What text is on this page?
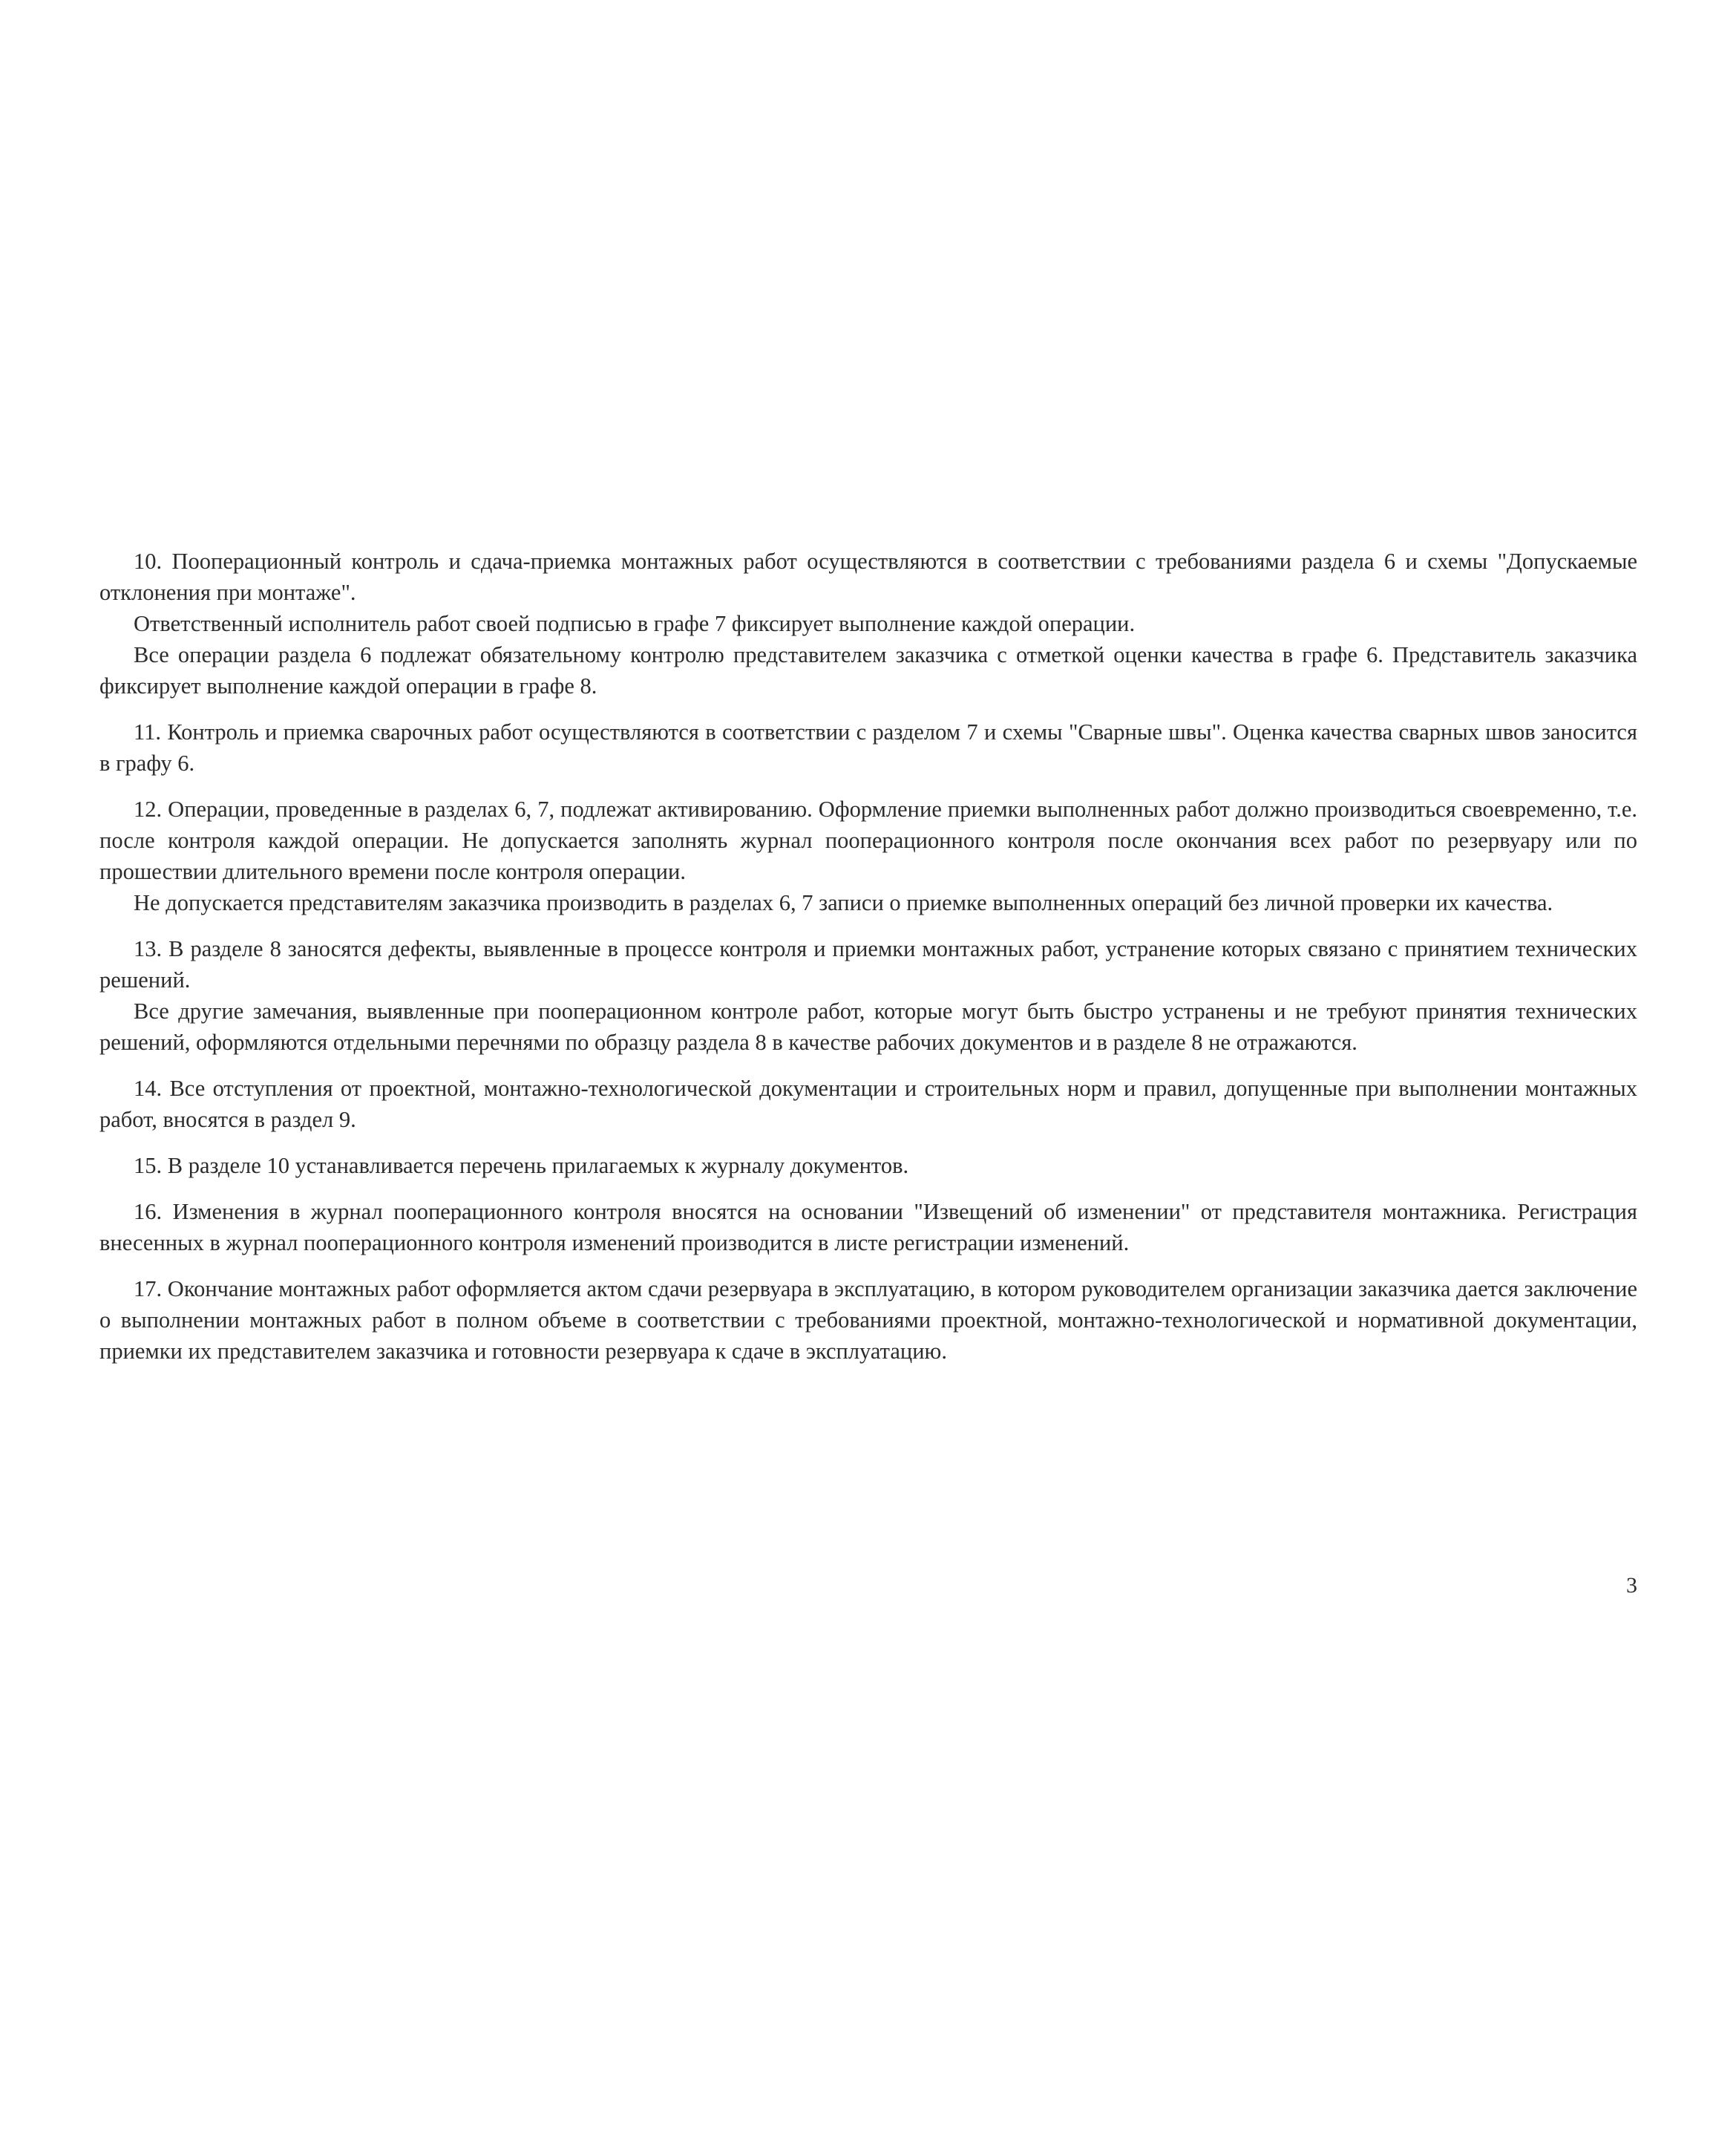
10. Пооперационный контроль и сдача-приемка монтажных работ осуществляются в соответствии с требованиями раздела 6 и схемы "Допускаемые отклонения при монтаже".

Ответственный исполнитель работ своей подписью в графе 7 фиксирует выполнение каждой операции.

Все операции раздела 6 подлежат обязательному контролю представителем заказчика с отметкой оценки качества в графе 6. Представитель заказчика фиксирует выполнение каждой операции в графе 8.

11. Контроль и приемка сварочных работ осуществляются в соответствии с разделом 7 и схемы "Сварные швы". Оценка качества сварных швов заносится в графу 6.

12. Операции, проведенные в разделах 6, 7, подлежат активированию. Оформление приемки выполненных работ должно производиться своевременно, т.е. после контроля каждой операции. Не допускается заполнять журнал пооперационного контроля после окончания всех работ по резервуару или по прошествии длительного времени после контроля операции.

Не допускается представителям заказчика производить в разделах 6, 7 записи о приемке выполненных операций без личной проверки их качества.

13. В разделе 8 заносятся дефекты, выявленные в процессе контроля и приемки монтажных работ, устранение которых связано с принятием технических решений.

Все другие замечания, выявленные при пооперационном контроле работ, которые могут быть быстро устранены и не требуют принятия технических решений, оформляются отдельными перечнями по образцу раздела 8 в качестве рабочих документов и в разделе 8 не отражаются.

14. Все отступления от проектной, монтажно-технологической документации и строительных норм и правил, допущенные при выполнении монтажных работ, вносятся в раздел 9.

15. В разделе 10 устанавливается перечень прилагаемых к журналу документов.

16. Изменения в журнал пооперационного контроля вносятся на основании "Извещений об изменении" от представителя монтажника. Регистрация внесенных в журнал пооперационного контроля изменений производится в листе регистрации изменений.

17. Окончание монтажных работ оформляется актом сдачи резервуара в эксплуатацию, в котором руководителем организации заказчика дается заключение о выполнении монтажных работ в полном объеме в соответствии с требованиями проектной, монтажно-технологической и нормативной документации, приемки их представителем заказчика и готовности резервуара к сдаче в эксплуатацию.

3
